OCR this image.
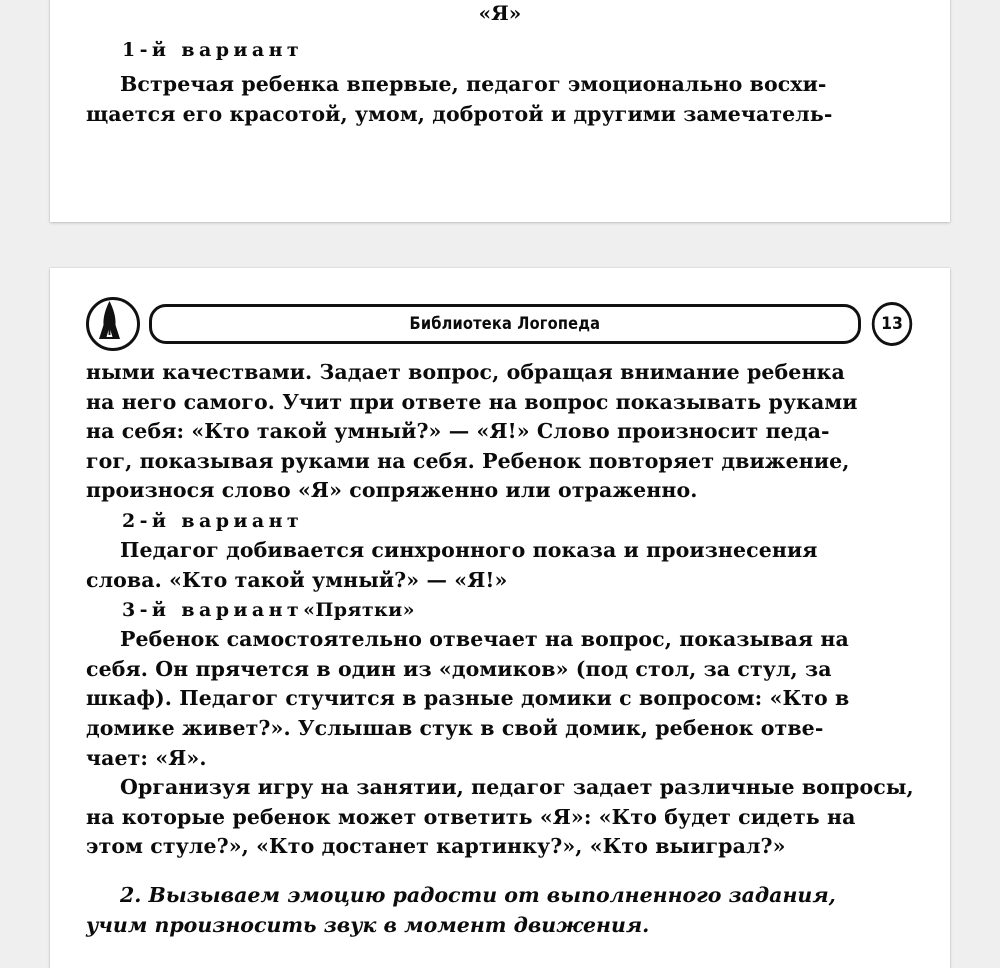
«Я»

1-й вариант

Встречая ребенка впервые, педагог эмоционально восхи-

щается его красотой, умом, добротой и другими замечатель-

Библиотека Логопеда	13

ными качествами. Задает вопрос, обращая внимание ребенка

на него самого. Учит при ответе на вопрос показывать руками

на себя: «Кто такой умный?» — «Я!» Слово произносит педа-

гог, показывая руками на себя. Ребенок повторяет движение,

произнося слово «Я» сопряженно или отраженно.

2-й вариант

Педагог добивается синхронного показа и произнесения

слова. «Кто такой умный?» — «Я!»

3-й вариант«Прятки»

Ребенок самостоятельно отвечает на вопрос, показывая на

себя. Он прячется в один из «домиков» (под стол, за стул, за

шкаф). Педагог стучится в разные домики с вопросом: «Кто в

домике живет?». Услышав стук в свой домик, ребенок отве-

чает: «Я».

Организуя игру на занятии, педагог задает различные вопросы,

на которые ребенок может ответить «Я»: «Кто будет сидеть на

этом стуле?», «Кто достанет картинку?», «Кто выиграл?»

2. Вызываем эмоцию радости от выполненного задания,

учим произносить звук в момент движения.
